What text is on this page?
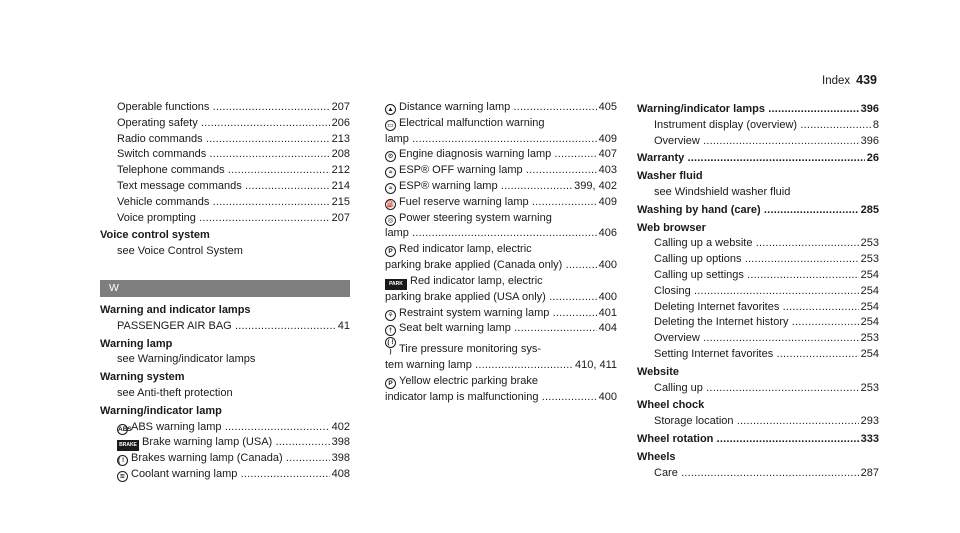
Index 439
Operable functions .....	207
Operating safety .....	206
Radio commands .....	213
Switch commands .....	208
Telephone commands .....	212
Text message commands .....	214
Vehicle commands .....	215
Voice prompting .....	207
Voice control system
see Voice Control System
W
Warning and indicator lamps
PASSENGER AIR BAG .....	41
Warning lamp
see Warning/indicator lamps
Warning system
see Anti-theft protection
Warning/indicator lamp
ABSABS warning lamp .....	402
BRAKE Brake warning lamp (USA) .....	398
( ! ) Brakes warning lamp (Canada) .....	398
≋ Coolant warning lamp .....	408
▲ Distance warning lamp .....	405
▭ Electrical malfunction warning
lamp .....	409
⚙ Engine diagnosis warning lamp .....	407
≈ ESP® OFF warning lamp .....	403
≈ ESP® warning lamp .....	399, 402
⛽ Fuel reserve warning lamp .....	409
◎ Power steering system warning
lamp .....	406
P Red indicator lamp, electric
parking brake applied (Canada only) .....	400
PARK Red indicator lamp, electric
parking brake applied (USA only) .....	400
⚘ Restraint system warning lamp .....	401
† Seat belt warning lamp .....	404
( ! ) Tire pressure monitoring sys-
tem warning lamp .....	410, 411
P Yellow electric parking brake
indicator lamp is malfunctioning .....	400
Warning/indicator lamps .....	396
Instrument display (overview) .....	8
Overview .....	396
Warranty .....	26
Washer fluid
see Windshield washer fluid
Washing by hand (care) .....	285
Web browser
Calling up a website .....	253
Calling up options .....	253
Calling up settings .....	254
Closing .....	254
Deleting Internet favorites .....	254
Deleting the Internet history .....	254
Overview .....	253
Setting Internet favorites .....	254
Website
Calling up .....	253
Wheel chock
Storage location .....	293
Wheel rotation .....	333
Wheels
Care .....	287
